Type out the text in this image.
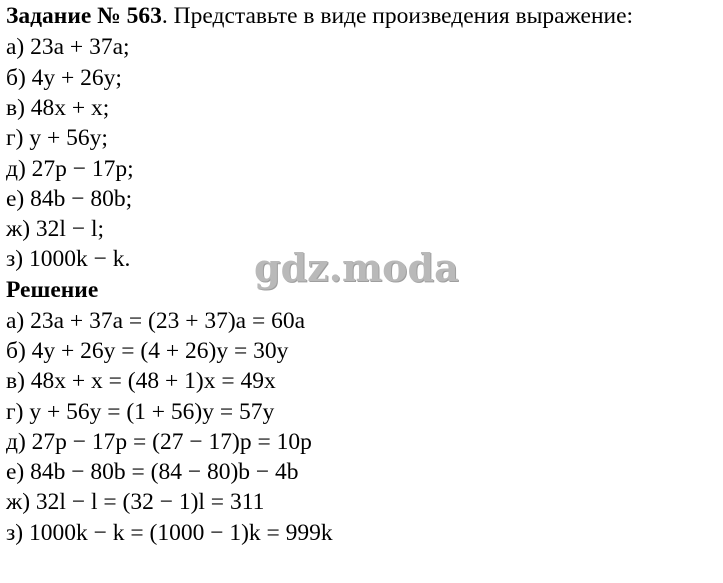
Задание № 563. Представьте в виде произведения выражение:
а) 23a + 37a;
б) 4y + 26y;
в) 48x + x;
г) y + 56y;
д) 27p − 17p;
е) 84b − 80b;
ж) 32l − l;
з) 1000k − k.	gdz.moda
Решение
а) 23a + 37a = (23 + 37)a = 60a
б) 4y + 26y = (4 + 26)y = 30y
в) 48x + x = (48 + 1)x = 49x
г) y + 56y = (1 + 56)y = 57y
д) 27p − 17p = (27 − 17)p = 10p
е) 84b − 80b = (84 − 80)b − 4b
ж) 32l − l = (32 − 1)l = 311
з) 1000k − k = (1000 − 1)k = 999k
